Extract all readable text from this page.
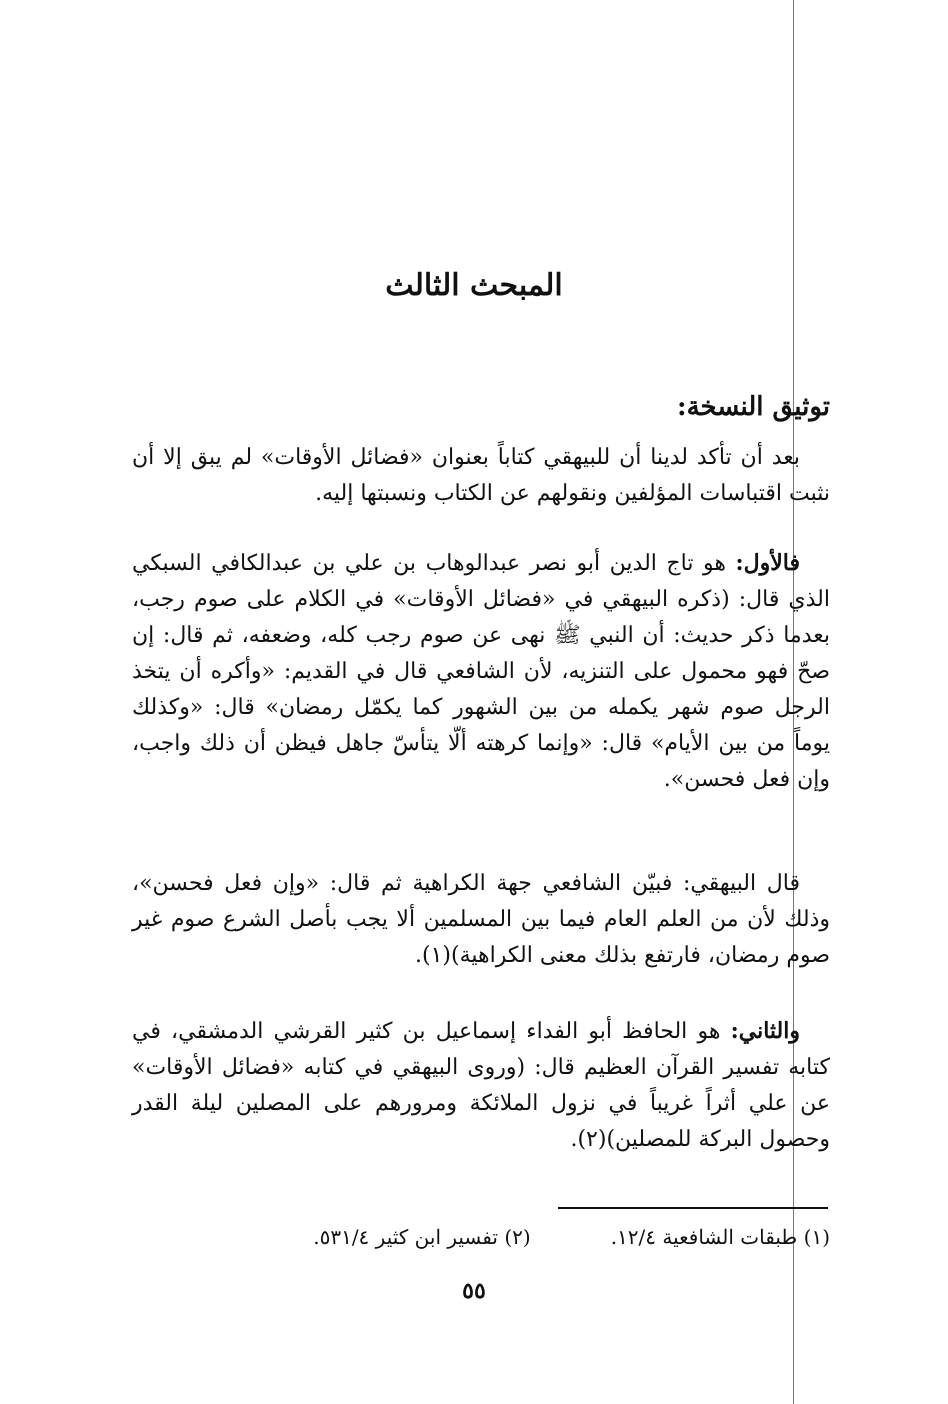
المبحث الثالث
توثيق النسخة:

بعد أن تأكد لدينا أن للبيهقي كتاباً بعنوان «فضائل الأوقات» لم يبق إلا أن نثبت اقتباسات المؤلفين ونقولهم عن الكتاب ونسبتها إليه.

فالأول: هو تاج الدين أبو نصر عبدالوهاب بن علي بن عبدالكافي السبكي الذي قال: (ذكره البيهقي في «فضائل الأوقات» في الكلام على صوم رجب، بعدما ذكر حديث: أن النبي ﷺ نهى عن صوم رجب كله، وضعفه، ثم قال: إن صحّ فهو محمول على التنزيه، لأن الشافعي قال في القديم: «وأكره أن يتخذ الرجل صوم شهر يكمله من بين الشهور كما يكمّل رمضان» قال: «وكذلك يوماً من بين الأيام» قال: «وإنما كرهته ألّا يتأسّ جاهل فيظن أن ذلك واجب، وإن فعل فحسن».

قال البيهقي: فبيّن الشافعي جهة الكراهية ثم قال: «وإن فعل فحسن»، وذلك لأن من العلم العام فيما بين المسلمين ألا يجب بأصل الشرع صوم غير صوم رمضان، فارتفع بذلك معنى الكراهية)(١).

والثاني: هو الحافظ أبو الفداء إسماعيل بن كثير القرشي الدمشقي، في كتابه تفسير القرآن العظيم قال: (وروى البيهقي في كتابه «فضائل الأوقات» عن علي أثراً غريباً في نزول الملائكة ومرورهم على المصلين ليلة القدر وحصول البركة للمصلين)(٢).

(١) طبقات الشافعية ١٢/٤.
(٢) تفسير ابن كثير ٥٣١/٤.
٥٥
